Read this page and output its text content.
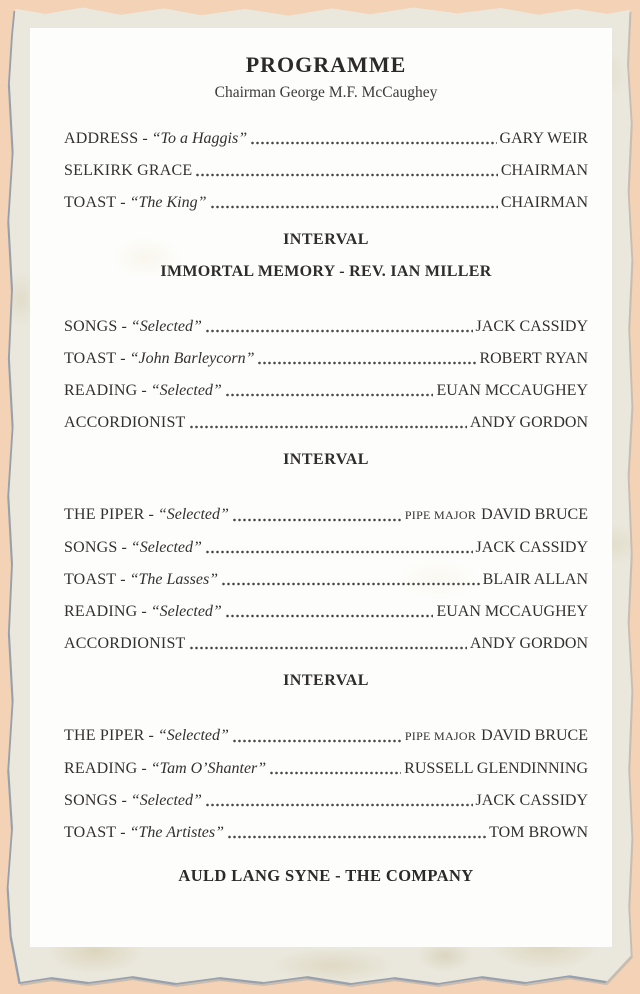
PROGRAMME
Chairman George M.F. McCaughey
ADDRESS - “To a Haggis”	GARY WEIR
SELKIRK GRACE	CHAIRMAN
TOAST - “The King”	CHAIRMAN
INTERVAL
IMMORTAL MEMORY - REV. IAN MILLER
SONGS - “Selected”	JACK CASSIDY
TOAST - “John Barleycorn”	ROBERT RYAN
READING - “Selected”	EUAN MCCAUGHEY
ACCORDIONIST	ANDY GORDON
INTERVAL
THE PIPER - “Selected”	PIPE MAJOR DAVID BRUCE
SONGS - “Selected”	JACK CASSIDY
TOAST - “The Lasses”	BLAIR ALLAN
READING - “Selected”	EUAN MCCAUGHEY
ACCORDIONIST	ANDY GORDON
INTERVAL
THE PIPER - “Selected”	PIPE MAJOR DAVID BRUCE
READING - “Tam O’Shanter”	RUSSELL GLENDINNING
SONGS - “Selected”	JACK CASSIDY
TOAST - “The Artistes”	TOM BROWN
AULD LANG SYNE - THE COMPANY
